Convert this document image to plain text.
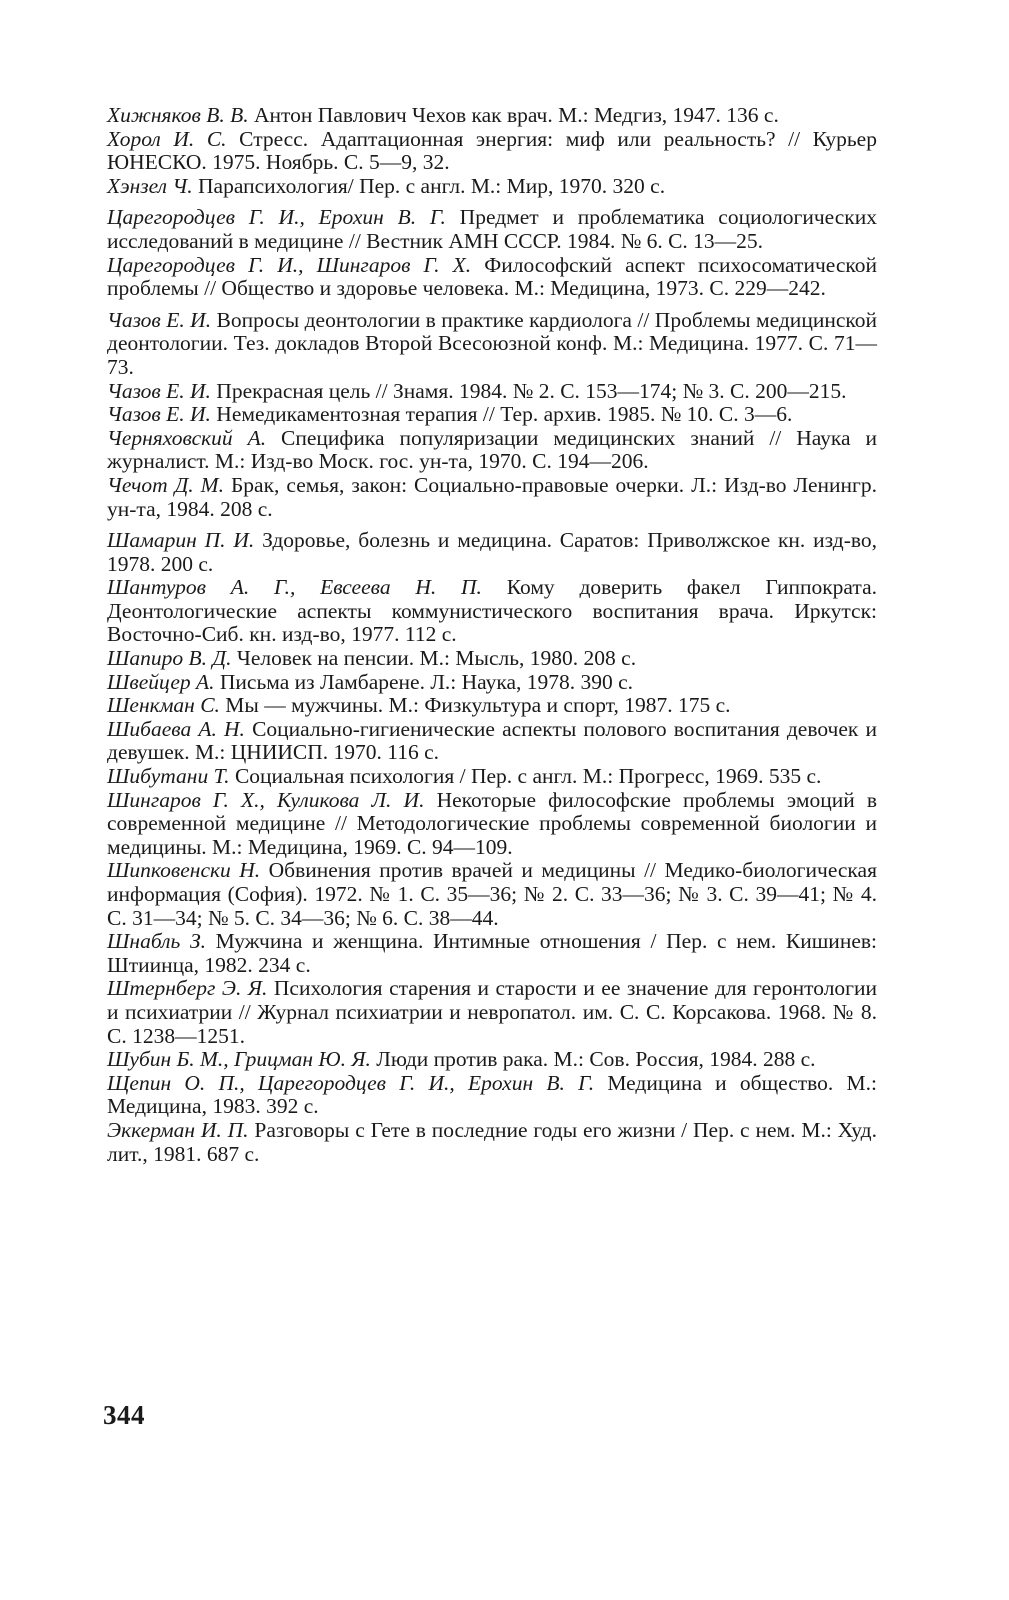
Хижняков В. В. Антон Павлович Чехов как врач. М.: Медгиз, 1947. 136 с.

Хорол И. С. Стресс. Адаптационная энергия: миф или реальность? // Курьер ЮНЕСКО. 1975. Ноябрь. С. 5—9, 32.

Хэнзел Ч. Парапсихология/ Пер. с англ. М.: Мир, 1970. 320 с.

Царегородцев Г. И., Ерохин В. Г. Предмет и проблематика социологических исследований в медицине // Вестник АМН СССР. 1984. № 6. С. 13—25.

Царегородцев Г. И., Шингаров Г. Х. Философский аспект психосоматической проблемы // Общество и здоровье человека. М.: Медицина, 1973. С. 229—242.

Чазов Е. И. Вопросы деонтологии в практике кардиолога // Проблемы медицинской деонтологии. Тез. докладов Второй Всесоюзной конф. М.: Медицина. 1977. С. 71—73.

Чазов Е. И. Прекрасная цель // Знамя. 1984. № 2. С. 153—174; № 3. С. 200—215.

Чазов Е. И. Немедикаментозная терапия // Тер. архив. 1985. № 10. С. 3—6.

Черняховский А. Специфика популяризации медицинских знаний // Наука и журналист. М.: Изд-во Моск. гос. ун-та, 1970. С. 194—206.

Чечот Д. М. Брак, семья, закон: Социально-правовые очерки. Л.: Изд-во Ленингр. ун-та, 1984. 208 с.

Шамарин П. И. Здоровье, болезнь и медицина. Саратов: Приволжское кн. изд-во, 1978. 200 с.

Шантуров А. Г., Евсеева Н. П. Кому доверить факел Гиппократа. Деонтологические аспекты коммунистического воспитания врача. Иркутск: Восточно-Сиб. кн. изд-во, 1977. 112 с.

Шапиро В. Д. Человек на пенсии. М.: Мысль, 1980. 208 с.

Швейцер А. Письма из Ламбарене. Л.: Наука, 1978. 390 с.

Шенкман С. Мы — мужчины. М.: Физкультура и спорт, 1987. 175 с.

Шибаева А. Н. Социально-гигиенические аспекты полового воспитания девочек и девушек. М.: ЦНИИСП. 1970. 116 с.

Шибутани Т. Социальная психология / Пер. с англ. М.: Прогресс, 1969. 535 с.

Шингаров Г. Х., Куликова Л. И. Некоторые философские проблемы эмоций в современной медицине // Методологические проблемы современной биологии и медицины. М.: Медицина, 1969. С. 94—109.

Шипковенски Н. Обвинения против врачей и медицины // Медико-биологическая информация (София). 1972. № 1. С. 35—36; № 2. С. 33—36; № 3. С. 39—41; № 4. С. 31—34; № 5. С. 34—36; № 6. С. 38—44.

Шнабль З. Мужчина и женщина. Интимные отношения / Пер. с нем. Кишинев: Штиинца, 1982. 234 с.

Штернберг Э. Я. Психология старения и старости и ее значение для геронтологии и психиатрии // Журнал психиатрии и невропатол. им. С. С. Корсакова. 1968. № 8. С. 1238—1251.

Шубин Б. М., Грицман Ю. Я. Люди против рака. М.: Сов. Россия, 1984. 288 с.

Щепин О. П., Царегородцев Г. И., Ерохин В. Г. Медицина и общество. М.: Медицина, 1983. 392 с.

Эккерман И. П. Разговоры с Гете в последние годы его жизни / Пер. с нем. М.: Худ. лит., 1981. 687 с.

344
